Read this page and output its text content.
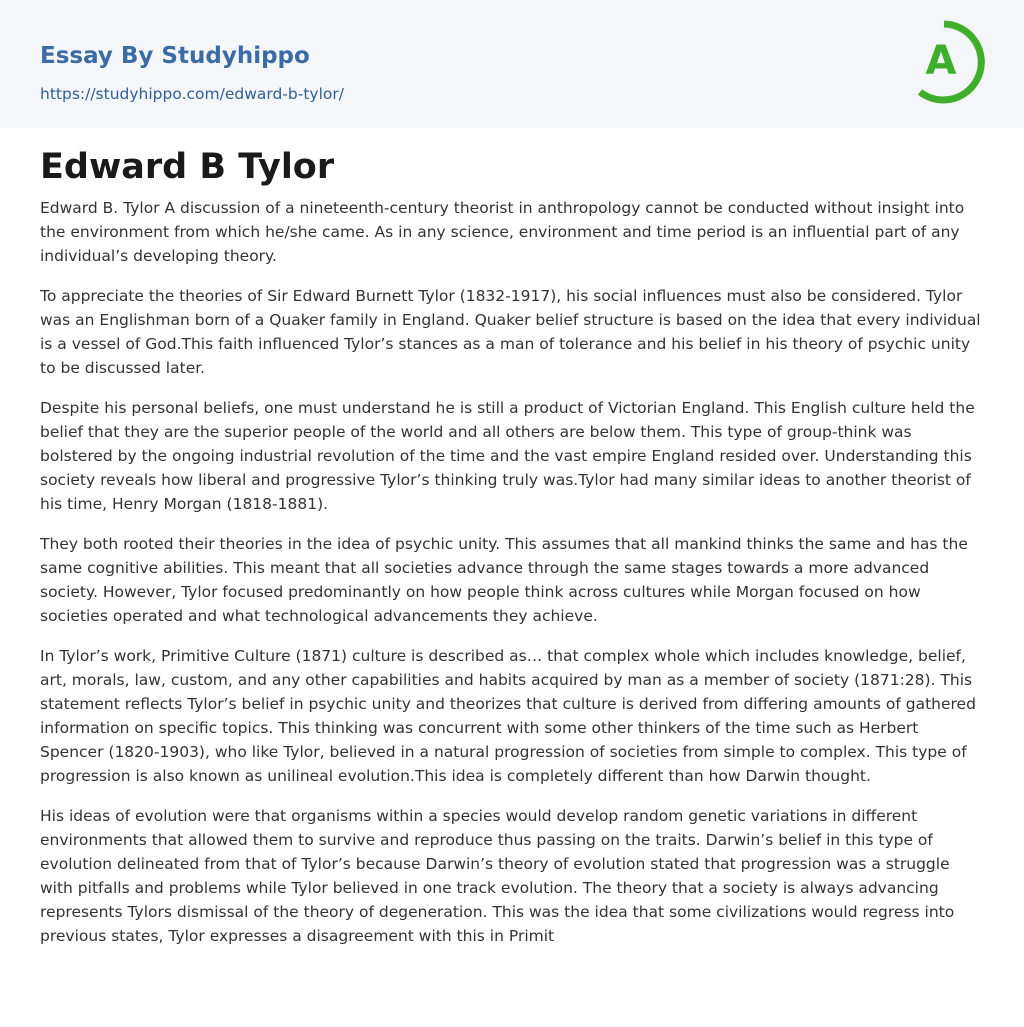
Essay By Studyhippo
https://studyhippo.com/edward-b-tylor/
A
Edward B Tylor

Edward B. Tylor A discussion of a nineteenth-century theorist in anthropology cannot be conducted without insight into the environment from which he/she came. As in any science, environment and time period is an influential part of any individual’s developing theory.

To appreciate the theories of Sir Edward Burnett Tylor (1832-1917), his social influences must also be considered. Tylor was an Englishman born of a Quaker family in England. Quaker belief structure is based on the idea that every individual is a vessel of God.This faith influenced Tylor’s stances as a man of tolerance and his belief in his theory of psychic unity to be discussed later.

Despite his personal beliefs, one must understand he is still a product of Victorian England. This English culture held the belief that they are the superior people of the world and all others are below them. This type of group-think was bolstered by the ongoing industrial revolution of the time and the vast empire England resided over. Understanding this society reveals how liberal and progressive Tylor’s thinking truly was.Tylor had many similar ideas to another theorist of his time, Henry Morgan (1818-1881).

They both rooted their theories in the idea of psychic unity. This assumes that all mankind thinks the same and has the same cognitive abilities. This meant that all societies advance through the same stages towards a more advanced society. However, Tylor focused predominantly on how people think across cultures while Morgan focused on how societies operated and what technological advancements they achieve.

In Tylor’s work, Primitive Culture (1871) culture is described as… that complex whole which includes knowledge, belief, art, morals, law, custom, and any other capabilities and habits acquired by man as a member of society (1871:28). This statement reflects Tylor’s belief in psychic unity and theorizes that culture is derived from differing amounts of gathered information on specific topics. This thinking was concurrent with some other thinkers of the time such as Herbert Spencer (1820-1903), who like Tylor, believed in a natural progression of societies from simple to complex. This type of progression is also known as unilineal evolution.This idea is completely different than how Darwin thought.

His ideas of evolution were that organisms within a species would develop random genetic variations in different environments that allowed them to survive and reproduce thus passing on the traits. Darwin’s belief in this type of evolution delineated from that of Tylor’s because Darwin’s theory of evolution stated that progression was a struggle with pitfalls and problems while Tylor believed in one track evolution. The theory that a society is always advancing represents Tylors dismissal of the theory of degeneration. This was the idea that some civilizations would regress into previous states, Tylor expresses a disagreement with this in Primit
